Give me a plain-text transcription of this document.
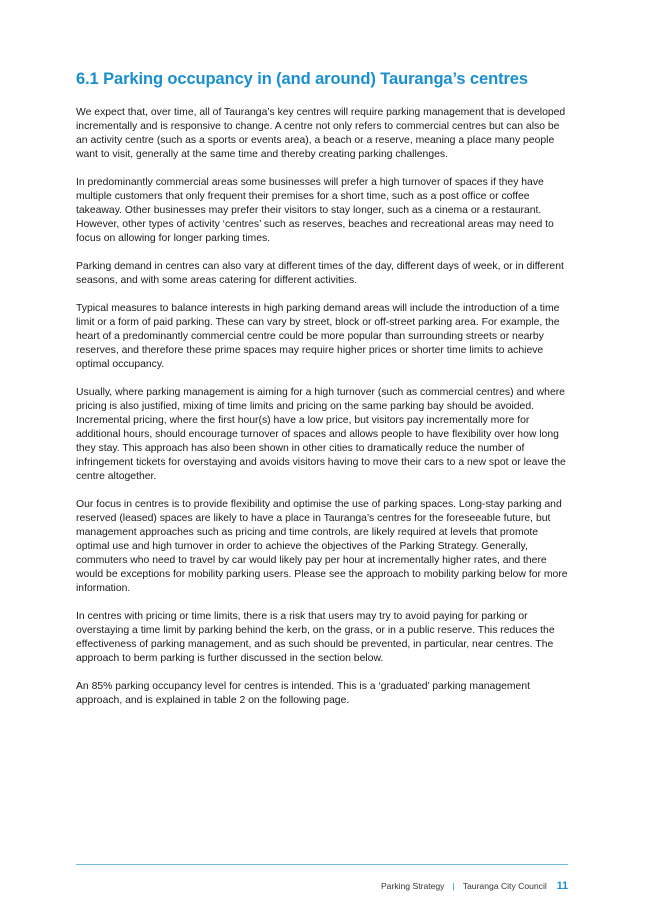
6.1 Parking occupancy in (and around) Tauranga’s centres

We expect that, over time, all of Tauranga’s key centres will require parking management that is developed incrementally and is responsive to change. A centre not only refers to commercial centres but can also be an activity centre (such as a sports or events area), a beach or a reserve, meaning a place many people want to visit, generally at the same time and thereby creating parking challenges.

In predominantly commercial areas some businesses will prefer a high turnover of spaces if they have multiple customers that only frequent their premises for a short time, such as a post office or coffee takeaway. Other businesses may prefer their visitors to stay longer, such as a cinema or a restaurant. However, other types of activity ‘centres’ such as reserves, beaches and recreational areas may need to focus on allowing for longer parking times.

Parking demand in centres can also vary at different times of the day, different days of week, or in different seasons, and with some areas catering for different activities.

Typical measures to balance interests in high parking demand areas will include the introduction of a time limit or a form of paid parking. These can vary by street, block or off-street parking area. For example, the heart of a predominantly commercial centre could be more popular than surrounding streets or nearby reserves, and therefore these prime spaces may require higher prices or shorter time limits to achieve optimal occupancy.

Usually, where parking management is aiming for a high turnover (such as commercial centres) and where pricing is also justified, mixing of time limits and pricing on the same parking bay should be avoided. Incremental pricing, where the first hour(s) have a low price, but visitors pay incrementally more for additional hours, should encourage turnover of spaces and allows people to have flexibility over how long they stay. This approach has also been shown in other cities to dramatically reduce the number of infringement tickets for overstaying and avoids visitors having to move their cars to a new spot or leave the centre altogether.

Our focus in centres is to provide flexibility and optimise the use of parking spaces. Long-stay parking and reserved (leased) spaces are likely to have a place in Tauranga’s centres for the foreseeable future, but management approaches such as pricing and time controls, are likely required at levels that promote optimal use and high turnover in order to achieve the objectives of the Parking Strategy. Generally, commuters who need to travel by car would likely pay per hour at incrementally higher rates, and there would be exceptions for mobility parking users. Please see the approach to mobility parking below for more information.

In centres with pricing or time limits, there is a risk that users may try to avoid paying for parking or overstaying a time limit by parking behind the kerb, on the grass, or in a public reserve. This reduces the effectiveness of parking management, and as such should be prevented, in particular, near centres. The approach to berm parking is further discussed in the section below.

An 85% parking occupancy level for centres is intended. This is a ‘graduated’ parking management approach, and is explained in table 2 on the following page.

Parking Strategy | Tauranga City Council 11
